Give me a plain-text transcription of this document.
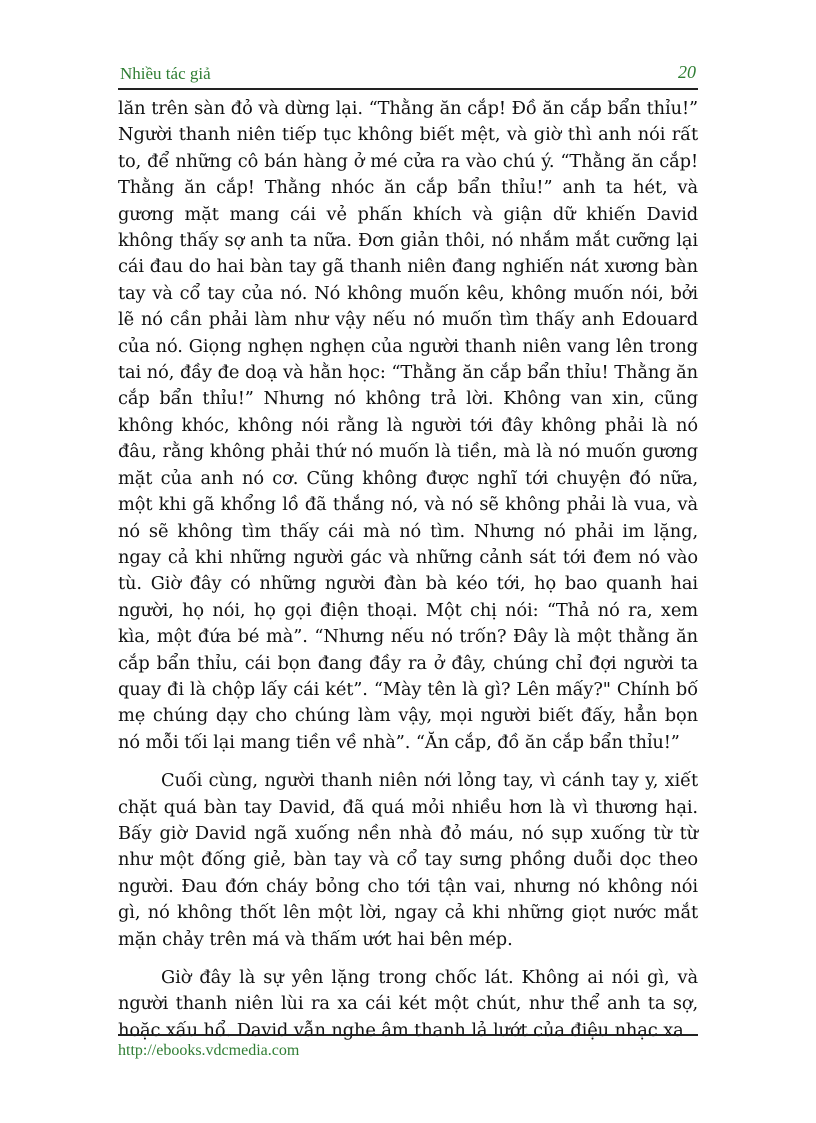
Nhiều tác giả	20

lăn trên sàn đỏ và dừng lại. “Thằng ăn cắp! Đồ ăn cắp bẩn thỉu!” Người thanh niên tiếp tục không biết mệt, và giờ thì anh nói rất to, để những cô bán hàng ở mé cửa ra vào chú ý. “Thằng ăn cắp! Thằng ăn cắp! Thằng nhóc ăn cắp bẩn thỉu!” anh ta hét, và gương mặt mang cái vẻ phấn khích và giận dữ khiến David không thấy sợ anh ta nữa. Đơn giản thôi, nó nhắm mắt cưỡng lại cái đau do hai bàn tay gã thanh niên đang nghiến nát xương bàn tay và cổ tay của nó. Nó không muốn kêu, không muốn nói, bởi lẽ nó cần phải làm như vậy nếu nó muốn tìm thấy anh Edouard của nó. Giọng nghẹn nghẹn của người thanh niên vang lên trong tai nó, đầy đe doạ và hằn học: “Thằng ăn cắp bẩn thỉu! Thằng ăn cắp bẩn thỉu!” Nhưng nó không trả lời. Không van xin, cũng không khóc, không nói rằng là người tới đây không phải là nó đâu, rằng không phải thứ nó muốn là tiền, mà là nó muốn gương mặt của anh nó cơ. Cũng không được nghĩ tới chuyện đó nữa, một khi gã khổng lồ đã thắng nó, và nó sẽ không phải là vua, và nó sẽ không tìm thấy cái mà nó tìm. Nhưng nó phải im lặng, ngay cả khi những người gác và những cảnh sát tới đem nó vào tù. Giờ đây có những người đàn bà kéo tới, họ bao quanh hai người, họ nói, họ gọi điện thoại. Một chị nói: “Thả nó ra, xem kìa, một đứa bé mà”. “Nhưng nếu nó trốn? Đây là một thằng ăn cắp bẩn thỉu, cái bọn đang đầy ra ở đây, chúng chỉ đợi người ta quay đi là chộp lấy cái két”. “Mày tên là gì? Lên mấy?" Chính bố mẹ chúng dạy cho chúng làm vậy, mọi người biết đấy, hẳn bọn nó mỗi tối lại mang tiền về nhà”. “Ăn cắp, đồ ăn cắp bẩn thỉu!”

Cuối cùng, người thanh niên nới lỏng tay, vì cánh tay y, xiết chặt quá bàn tay David, đã quá mỏi nhiều hơn là vì thương hại. Bấy giờ David ngã xuống nền nhà đỏ máu, nó sụp xuống từ từ như một đống giẻ, bàn tay và cổ tay sưng phồng duỗi dọc theo người. Đau đớn cháy bỏng cho tới tận vai, nhưng nó không nói gì, nó không thốt lên một lời, ngay cả khi những giọt nước mắt mặn chảy trên má và thấm ướt hai bên mép.

Giờ đây là sự yên lặng trong chốc lát. Không ai nói gì, và người thanh niên lùi ra xa cái két một chút, như thể anh ta sợ, hoặc xấu hổ. David vẫn nghe âm thanh lả lướt của điệu nhạc xa

http://ebooks.vdcmedia.com
